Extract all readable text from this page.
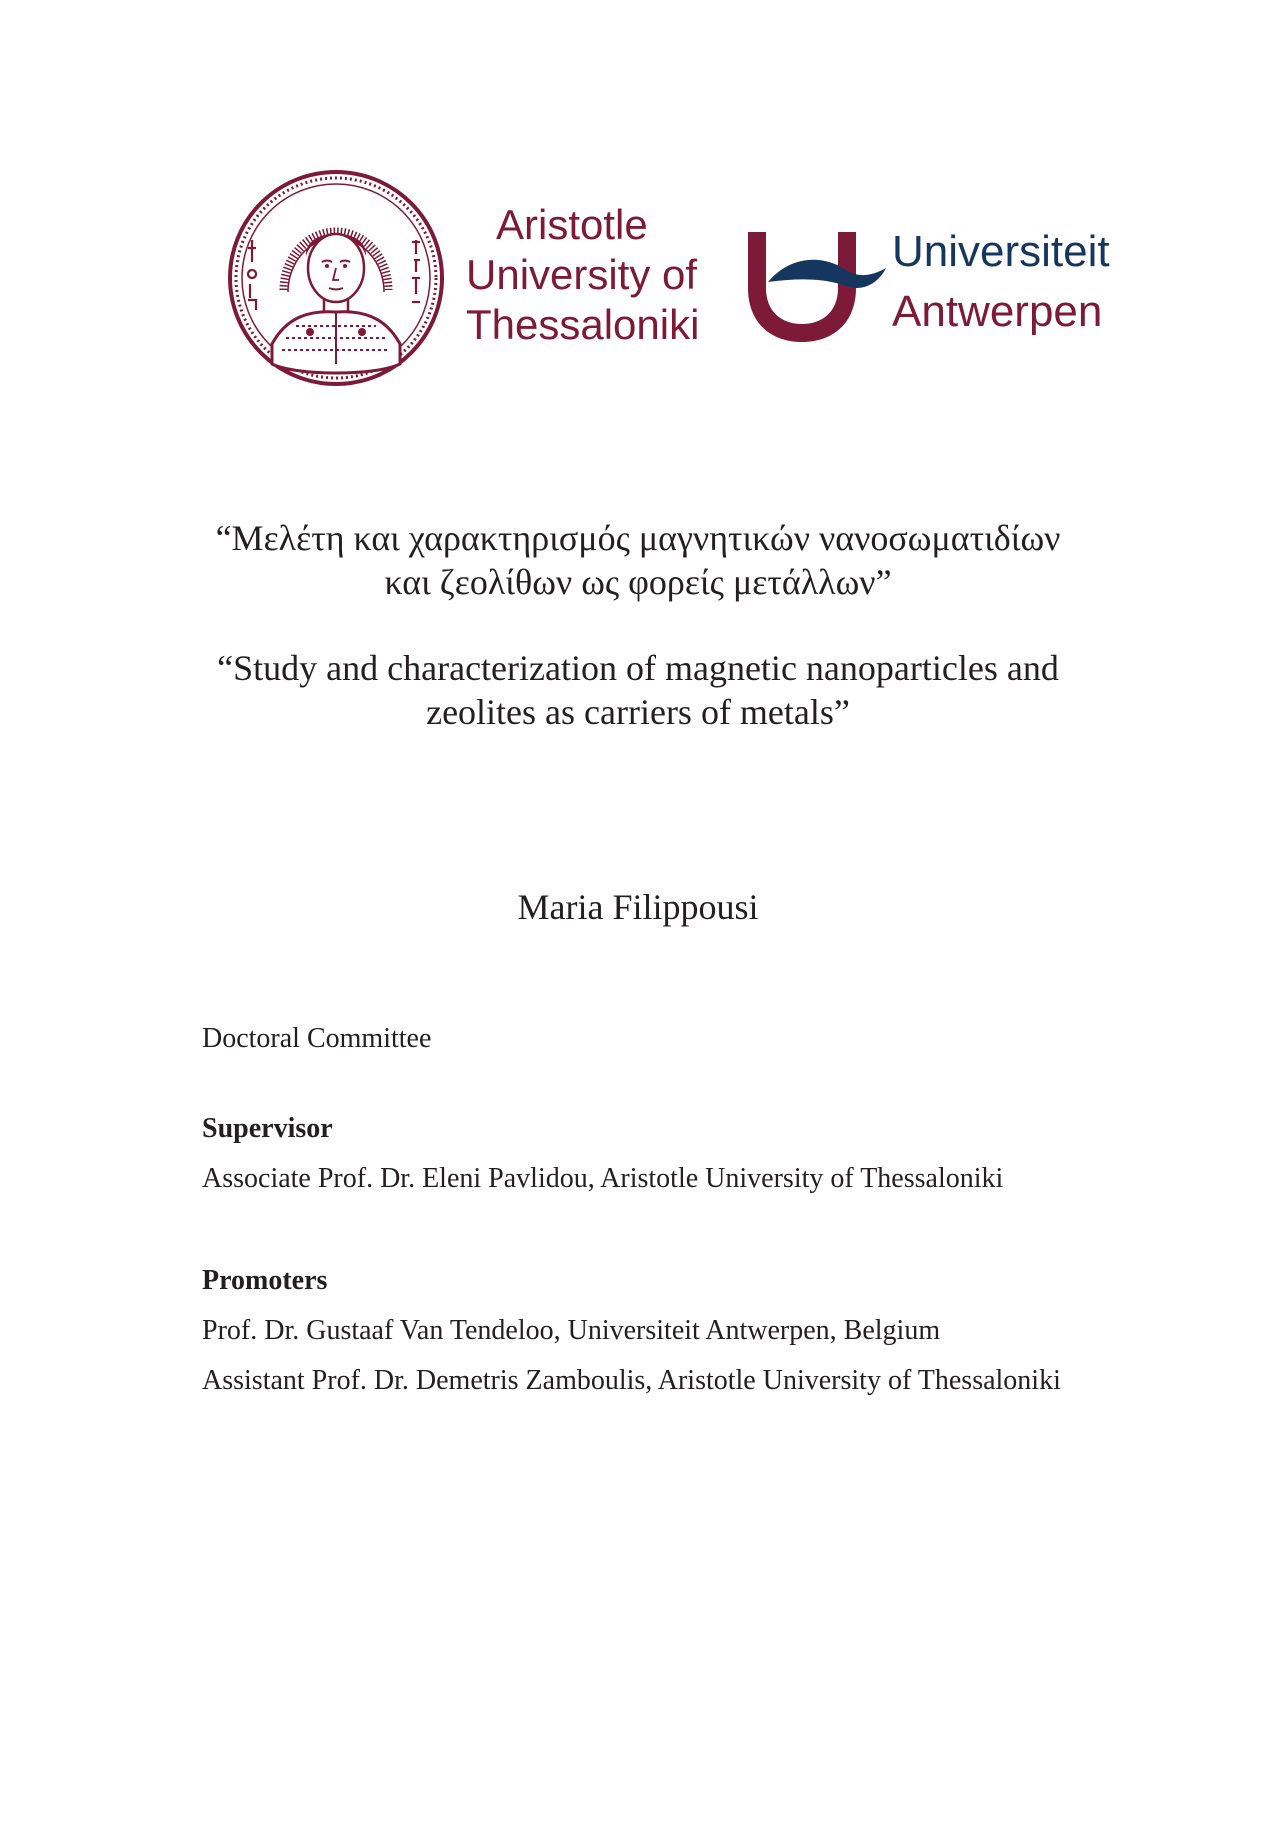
Aristotle
University of
Thessaloniki
Universiteit
Antwerpen
“Μελέτη και χαρακτηρισμός μαγνητικών νανοσωματιδίων
και ζεολίθων ως φορείς μετάλλων”
“Study and characterization of magnetic nanoparticles and
zeolites as carriers of metals”
Maria Filippousi
Doctoral Committee
Supervisor
Associate Prof. Dr. Eleni Pavlidou, Aristotle University of Thessaloniki
Promoters
Prof. Dr. Gustaaf Van Tendeloo, Universiteit Antwerpen, Belgium
Assistant Prof. Dr. Demetris Zamboulis, Aristotle University of Thessaloniki
